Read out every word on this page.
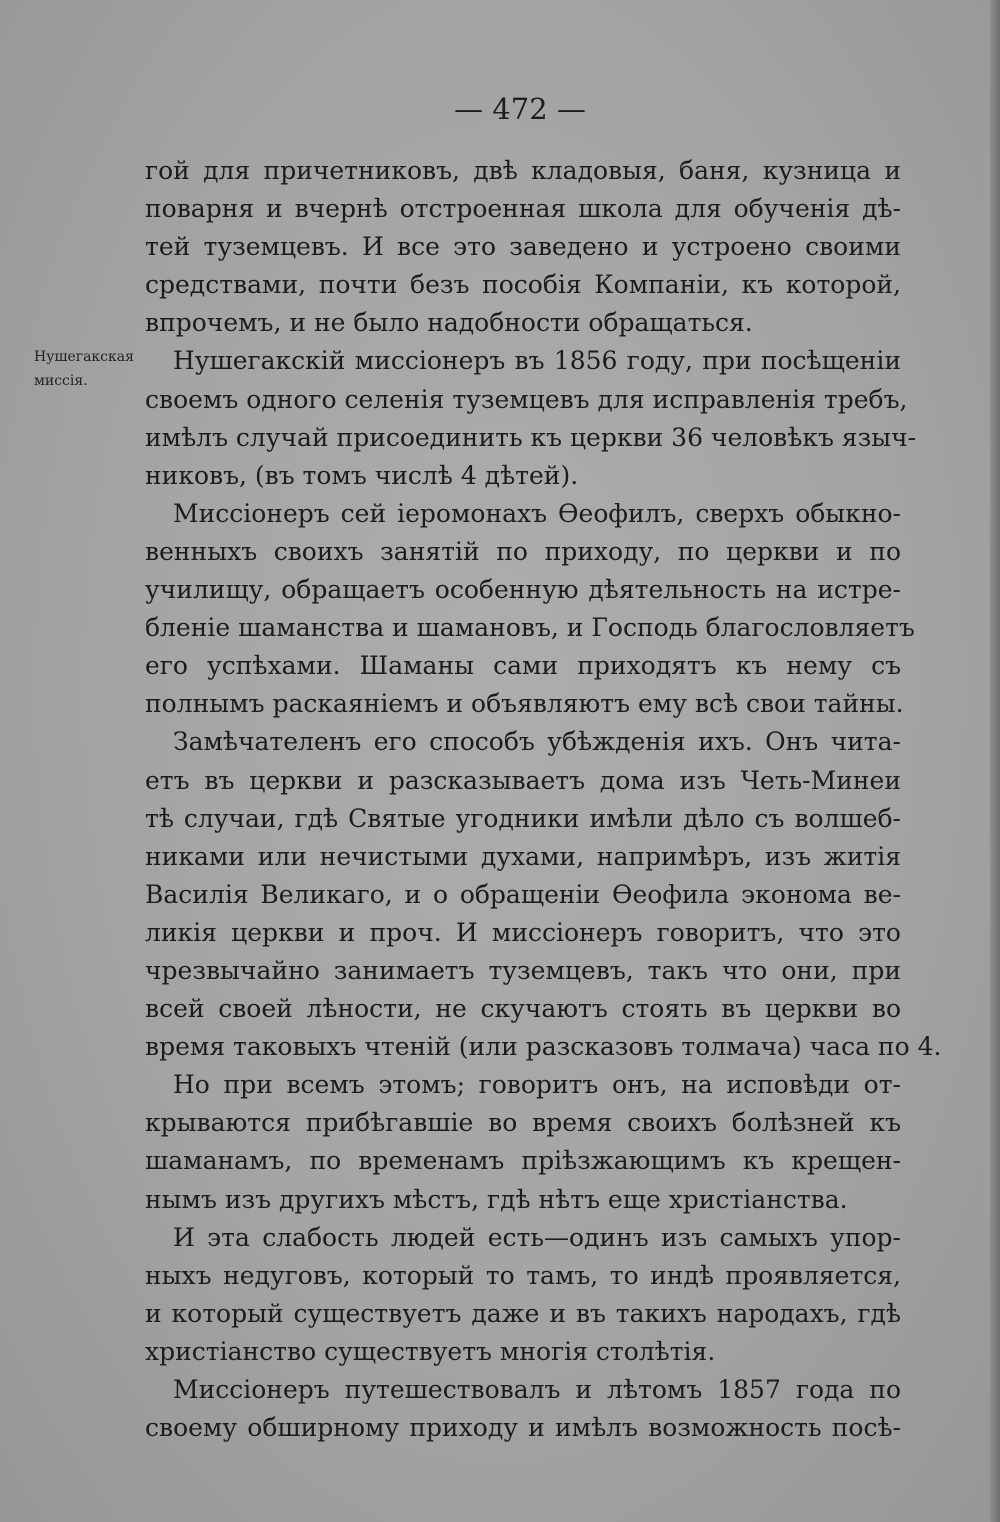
— 472 —
Нушегакская
миссія.
гой для причетниковъ, двѣ кладовыя, баня, кузница и
поварня и вчернѣ отстроенная школа для обученія дѣ-
тей туземцевъ. И все это заведено и устроено своими
средствами, почти безъ пособія Компаніи, къ которой,
впрочемъ, и не было надобности обращаться.
Нушегакскій миссіонеръ въ 1856 году, при посѣщеніи
своемъ одного селенія туземцевъ для исправленія требъ,
имѣлъ случай присоединить къ церкви 36 человѣкъ языч-
никовъ, (въ томъ числѣ 4 дѣтей).
Миссіонеръ сей іеромонахъ Ѳеофилъ, сверхъ обыкно-
венныхъ своихъ занятій по приходу, по церкви и по
училищу, обращаетъ особенную дѣятельность на истре-
бленіе шаманства и шамановъ, и Господь благословляетъ
его успѣхами. Шаманы сами приходятъ къ нему съ
полнымъ раскаяніемъ и объявляютъ ему всѣ свои тайны.
Замѣчателенъ его способъ убѣжденія ихъ. Онъ чита-
етъ въ церкви и разсказываетъ дома изъ Четь-Минеи
тѣ случаи, гдѣ Святые угодники имѣли дѣло съ волшеб-
никами или нечистыми духами, напримѣръ, изъ житія
Василія Великаго, и о обращеніи Ѳеофила эконома ве-
ликія церкви и проч. И миссіонеръ говоритъ, что это
чрезвычайно занимаетъ туземцевъ, такъ что они, при
всей своей лѣности, не скучаютъ стоять въ церкви во
время таковыхъ чтеній (или разсказовъ толмача) часа по 4.
Но при всемъ этомъ; говоритъ онъ, на исповѣди от-
крываются прибѣгавшіе во время своихъ болѣзней къ
шаманамъ, по временамъ пріѣзжающимъ къ крещен-
нымъ изъ другихъ мѣстъ, гдѣ нѣтъ еще христіанства.
И эта слабость людей есть—одинъ изъ самыхъ упор-
ныхъ недуговъ, который то тамъ, то индѣ проявляется,
и который существуетъ даже и въ такихъ народахъ, гдѣ
христіанство существуетъ многія столѣтія.
Миссіонеръ путешествовалъ и лѣтомъ 1857 года по
своему обширному приходу и имѣлъ возможность посѣ-
